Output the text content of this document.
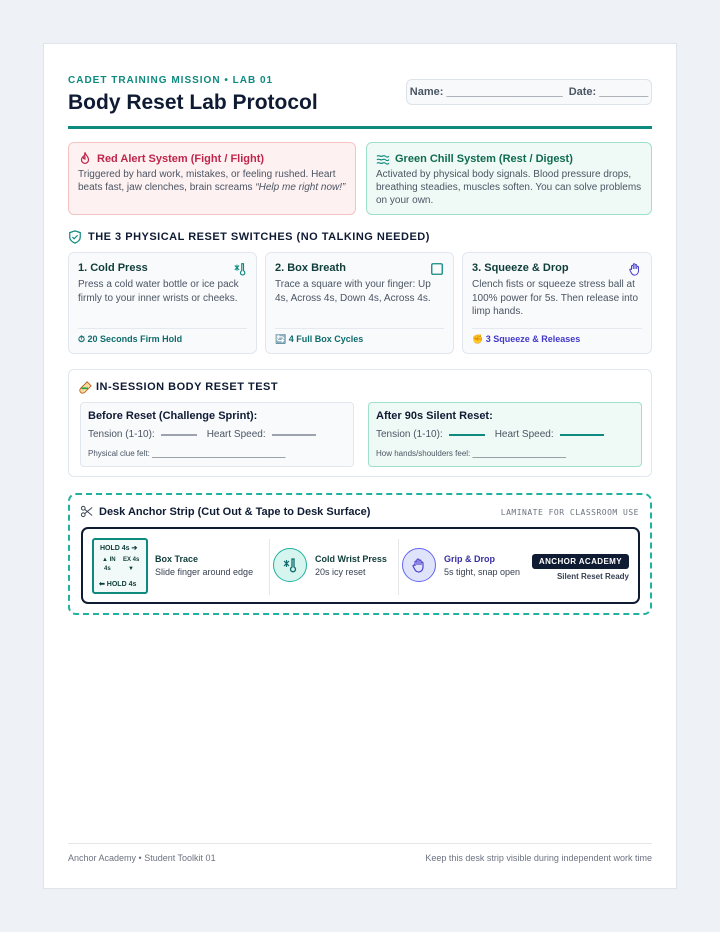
CADET TRAINING MISSION • LAB 01
Body Reset Lab Protocol	Name: ___________________ Date: ________
Red Alert System (Fight / Flight)

Triggered by hard work, mistakes, or feeling rushed. Heart beats fast, jaw clenches, brain screams “Help me right now!”

Green Chill System (Rest / Digest)

Activated by physical body signals. Blood pressure drops, breathing steadies, muscles soften. You can solve problems on your own.

THE 3 PHYSICAL RESET SWITCHES (NO TALKING NEEDED)
1. Cold Press

Press a cold water bottle or ice pack firmly to your inner wrists or cheeks.

⏱ 20 Seconds Firm Hold
2. Box Breath

Trace a square with your finger: Up 4s, Across 4s, Down 4s, Across 4s.

🔄 4 Full Box Cycles
3. Squeeze & Drop

Clench fists or squeeze stress ball at 100% power for 5s. Then release into limp hands.

✊ 3 Squeeze & Releases
IN-SESSION BODY RESET TEST
Before Reset (Challenge Sprint):
Tension (1-10):	Heart Speed:
Physical clue felt: ______________________________
After 90s Silent Reset:
Tension (1-10):	Heart Speed:
How hands/shoulders feel: _____________________
Desk Anchor Strip (Cut Out & Tape to Desk Surface)	LAMINATE FOR CLASSROOM USE
HOLD 4s ➔
▲ IN
4s
EX 4s
▼
⬅ HOLD 4s
Box Trace
Slide finger around edge
Cold Wrist Press
20s icy reset
Grip & Drop
5s tight, snap open
ANCHOR ACADEMY
Silent Reset Ready
Anchor Academy • Student Toolkit 01	Keep this desk strip visible during independent work time
